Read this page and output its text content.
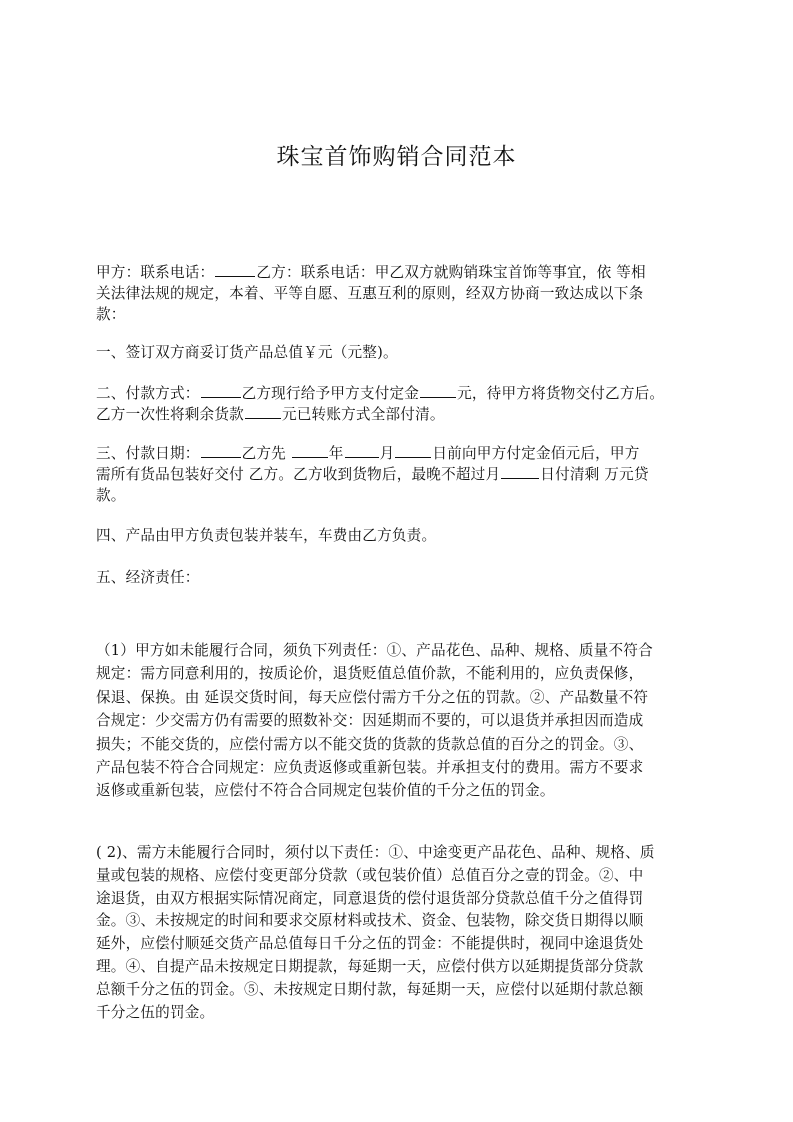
珠宝首饰购销合同范本
甲方：联系电话：	乙方：联系电话：甲乙双方就购销珠宝首饰等事宜，依 等相
关法律法规的规定，本着、平等自愿、互惠互利的原则，经双方协商一致达成以下条
款：
一、签订双方商妥订货产品总值￥元（元整)。
二、付款方式：	乙方现行给予甲方支付定金	元，待甲方将货物交付乙方后。
乙方一次性将剩余货款	元已转账方式全部付清。
三、付款日期：	乙方先	年 月	日前向甲方付定金佰元后，甲方
需所有货品包装好交付 乙方。乙方收到货物后，最晚不超过月	日付清剩 万元贷
款。
四、产品由甲方负责包装并装车，车费由乙方负责。
五、经济责任：
（1）甲方如未能履行合同，须负下列责任：①、产品花色、品种、规格、质量不符合
规定：需方同意利用的，按质论价，退货贬值总值价款，不能利用的，应负责保修，
保退、保换。由 延误交货时间，每天应偿付需方千分之伍的罚款。②、产品数量不符
合规定：少交需方仍有需要的照数补交：因延期而不要的，可以退货并承担因而造成
损失；不能交货的，应偿付需方以不能交货的货款的货款总值的百分之的罚金。③、
产品包装不符合合同规定：应负责返修或重新包装。并承担支付的费用。需方不要求
返修或重新包装，应偿付不符合合同规定包装价值的千分之伍的罚金。
( 2)、需方未能履行合同时，须付以下责任：①、中途变更产品花色、品种、规格、质
量或包装的规格、应偿付变更部分贷款（或包装价值）总值百分之壹的罚金。②、中
途退货，由双方根据实际情况商定，同意退货的偿付退货部分贷款总值千分之值得罚
金。③、未按规定的时间和要求交原材料或技术、资金、包装物，除交货日期得以顺
延外，应偿付顺延交货产品总值每日千分之伍的罚金：不能提供时，视同中途退货处
理。④、自提产品未按规定日期提款，每延期一天，应偿付供方以延期提货部分贷款
总额千分之伍的罚金。⑤、未按规定日期付款，每延期一天，应偿付以延期付款总额
千分之伍的罚金。
